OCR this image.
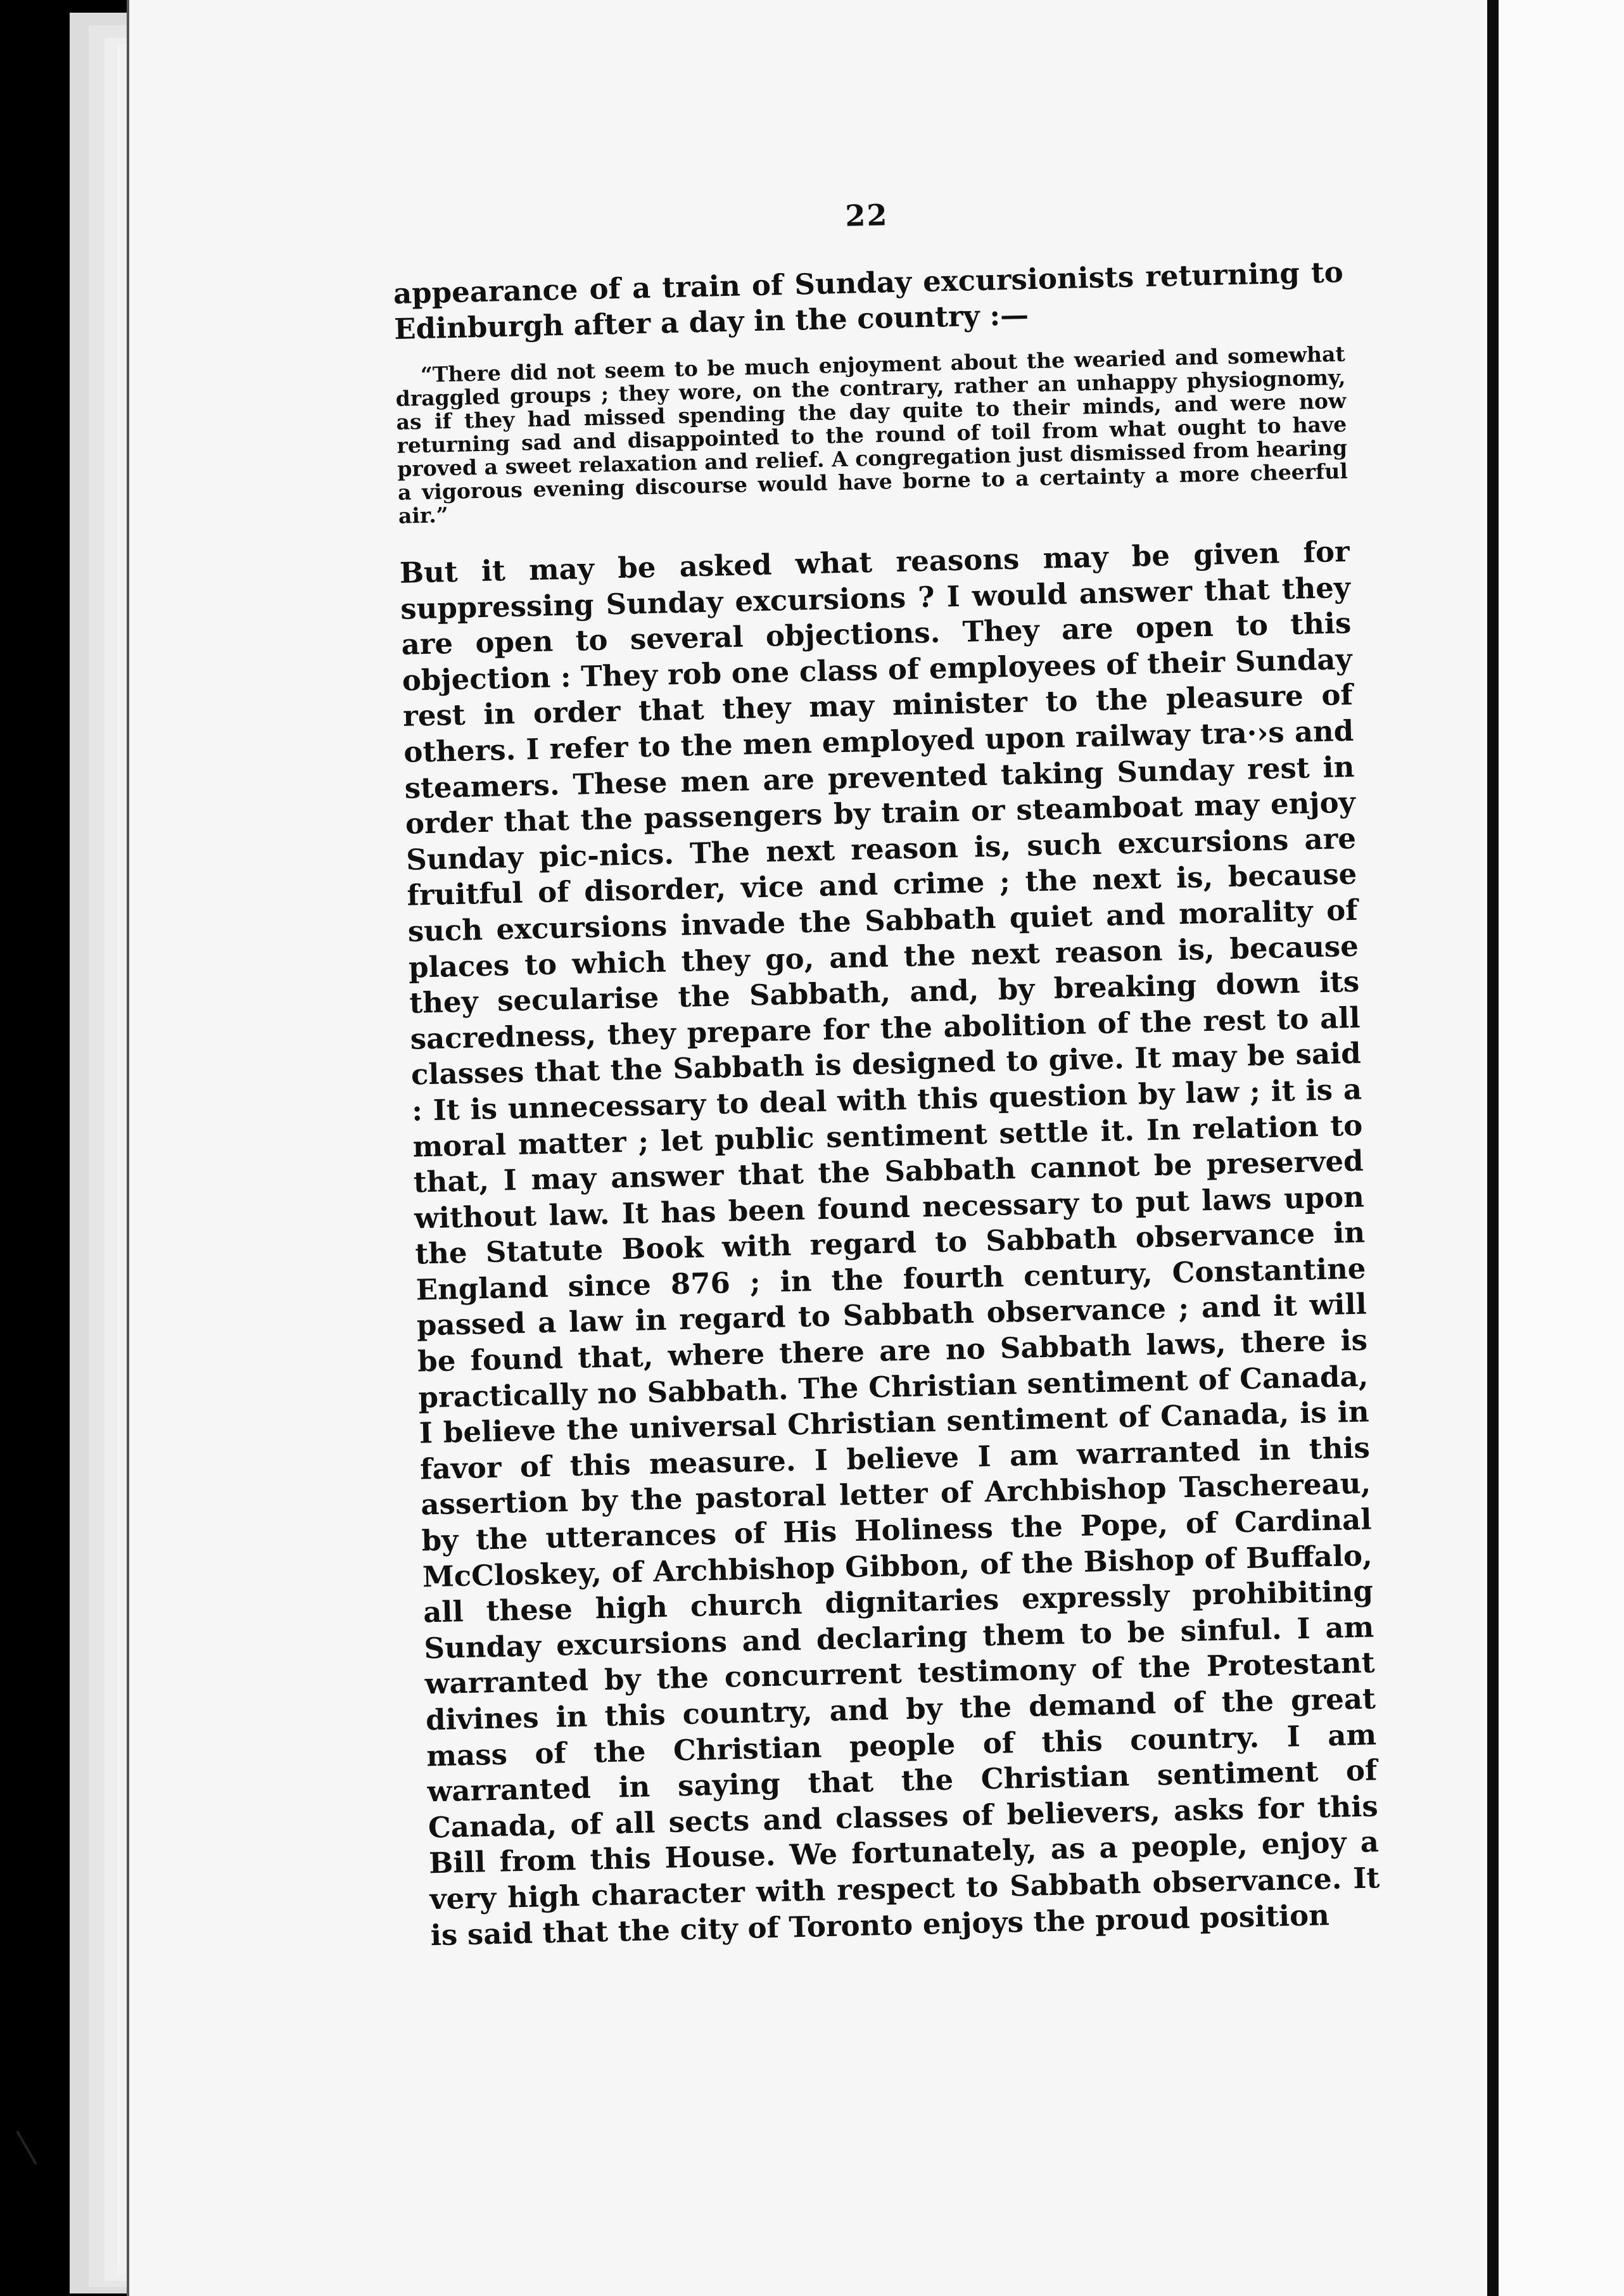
22

appearance of a train of Sunday excursionists returning to Edinburgh after a day in the country :—

“There did not seem to be much enjoyment about the wearied and somewhat draggled groups ; they wore, on the contrary, rather an unhappy physiognomy, as if they had missed spending the day quite to their minds, and were now returning sad and disappointed to the round of toil from what ought to have proved a sweet relaxation and relief. A congregation just dismissed from hearing a vigorous evening discourse would have borne to a certainty a more cheerful air.”

But it may be asked what reasons may be given for suppressing Sunday excursions ? I would answer that they are open to several objections. They are open to this objection : They rob one class of employees of their Sunday rest in order that they may minister to the pleasure of others. I refer to the men employed upon railway tra·›s and steamers. These men are prevented taking Sunday rest in order that the passengers by train or steamboat may enjoy Sunday pic-nics. The next reason is, such excursions are fruitful of disorder, vice and crime ; the next is, because such excursions invade the Sabbath quiet and morality of places to which they go, and the next reason is, because they secularise the Sabbath, and, by breaking down its sacredness, they prepare for the abolition of the rest to all classes that the Sabbath is designed to give. It may be said : It is unnecessary to deal with this question by law ; it is a moral matter ; let public sentiment settle it. In relation to that, I may answer that the Sabbath cannot be preserved without law. It has been found necessary to put laws upon the Statute Book with regard to Sabbath observance in England since 876 ; in the fourth century, Constantine passed a law in regard to Sabbath observance ; and it will be found that, where there are no Sabbath laws, there is practically no Sabbath. The Christian sentiment of Canada, I believe the universal Christian sentiment of Canada, is in favor of this measure. I believe I am warranted in this assertion by the pastoral letter of Archbishop Taschereau, by the utterances of His Holiness the Pope, of Cardinal McCloskey, of Archbishop Gibbon, of the Bishop of Buffalo, all these high church dignitaries expressly prohibiting Sunday excursions and declaring them to be sinful. I am warranted by the concurrent testimony of the Protestant divines in this country, and by the demand of the great mass of the Christian people of this country. I am warranted in saying that the Christian sentiment of Canada, of all sects and classes of believers, asks for this Bill from this House. We fortunately, as a people, enjoy a very high character with respect to Sabbath observance. It is said that the city of Toronto enjoys the proud position
